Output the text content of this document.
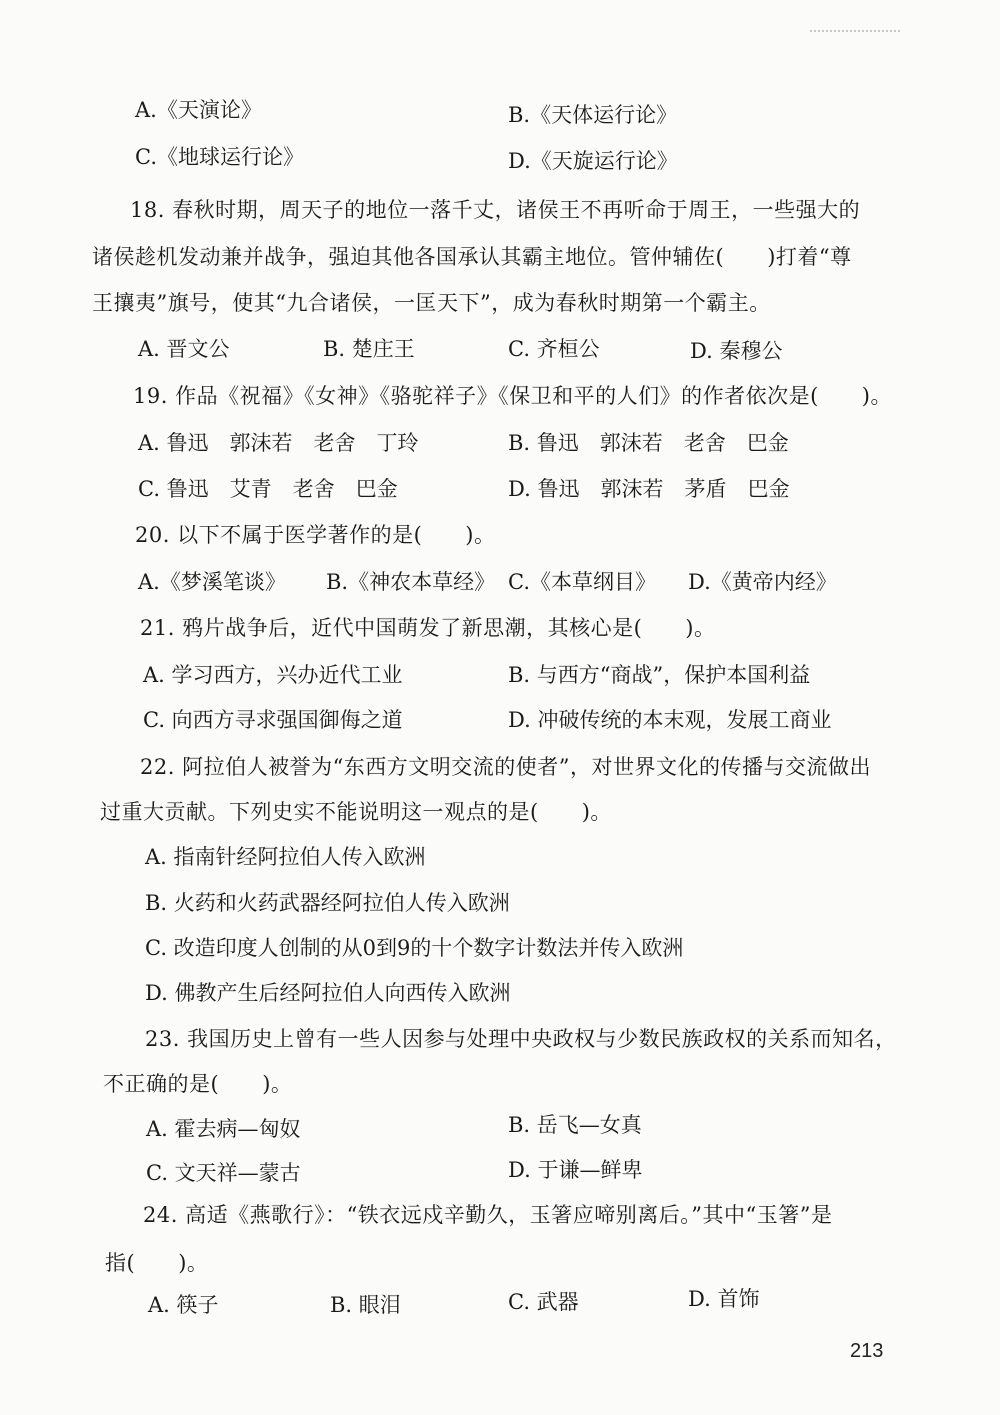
A.《天演论》	B.《天体运行论》
C.《地球运行论》	D.《天旋运行论》
18. 春秋时期，周天子的地位一落千丈，诸侯王不再听命于周王，一些强大的
诸侯趁机发动兼并战争，强迫其他各国承认其霸主地位。管仲辅佐(　　)打着“尊
王攘夷”旗号，使其“九合诸侯，一匡天下”，成为春秋时期第一个霸主。
A. 晋文公	B. 楚庄王	C. 齐桓公	D. 秦穆公
19. 作品《祝福》《女神》《骆驼祥子》《保卫和平的人们》的作者依次是(　　)。
A. 鲁迅　郭沫若　老舍　丁玲	B. 鲁迅　郭沫若　老舍　巴金
C. 鲁迅　艾青　老舍　巴金	D. 鲁迅　郭沫若　茅盾　巴金
20. 以下不属于医学著作的是(　　)。
A.《梦溪笔谈》 B.《神农本草经》 C.《本草纲目》 D.《黄帝内经》
21. 鸦片战争后，近代中国萌发了新思潮，其核心是(　　)。
A. 学习西方，兴办近代工业	B. 与西方“商战”，保护本国利益
C. 向西方寻求强国御侮之道	D. 冲破传统的本末观，发展工商业
22. 阿拉伯人被誉为“东西方文明交流的使者”，对世界文化的传播与交流做出
过重大贡献。下列史实不能说明这一观点的是(　　)。
A. 指南针经阿拉伯人传入欧洲
B. 火药和火药武器经阿拉伯人传入欧洲
C. 改造印度人创制的从0到9的十个数字计数法并传入欧洲
D. 佛教产生后经阿拉伯人向西传入欧洲
23. 我国历史上曾有一些人因参与处理中央政权与少数民族政权的关系而知名，
不正确的是(　　)。
A. 霍去病—匈奴	B. 岳飞—女真
C. 文天祥—蒙古	D. 于谦—鲜卑
24. 高适《燕歌行》：“铁衣远戍辛勤久，玉箸应啼别离后。”其中“玉箸”是
指(　　)。
A. 筷子	B. 眼泪	C. 武器	D. 首饰
213
